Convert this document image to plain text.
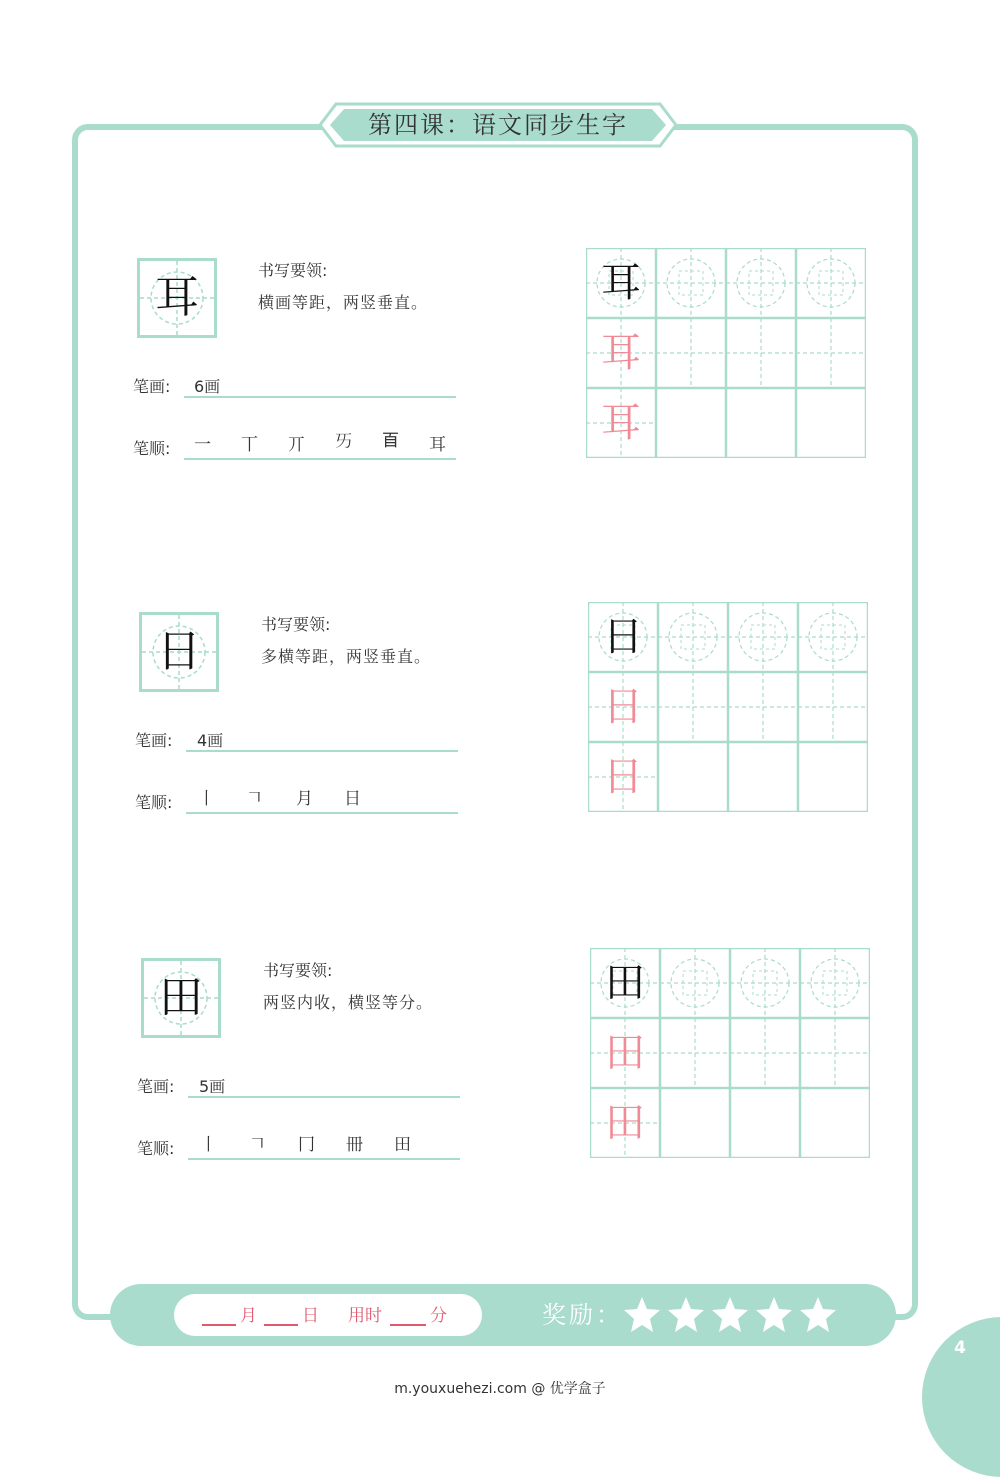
第四课：语文同步生字
耳
书写要领:
横画等距，两竖垂直。
笔画: 6画
笔顺: 一 丅 丌 𠀅 𦣻 耳
耳
耳
耳
日
书写要领:
多横等距，两竖垂直。
笔画: 4画
笔顺: 丨 𠃍 月 日
日
日
日
田
书写要领:
两竖内收，横竖等分。
笔画: 5画
笔顺: 丨 𠃍 冂 冊 田
田
田
田
月	日 用时	分	奖励：
4
m.youxuehezi.com @ 优学盒子
